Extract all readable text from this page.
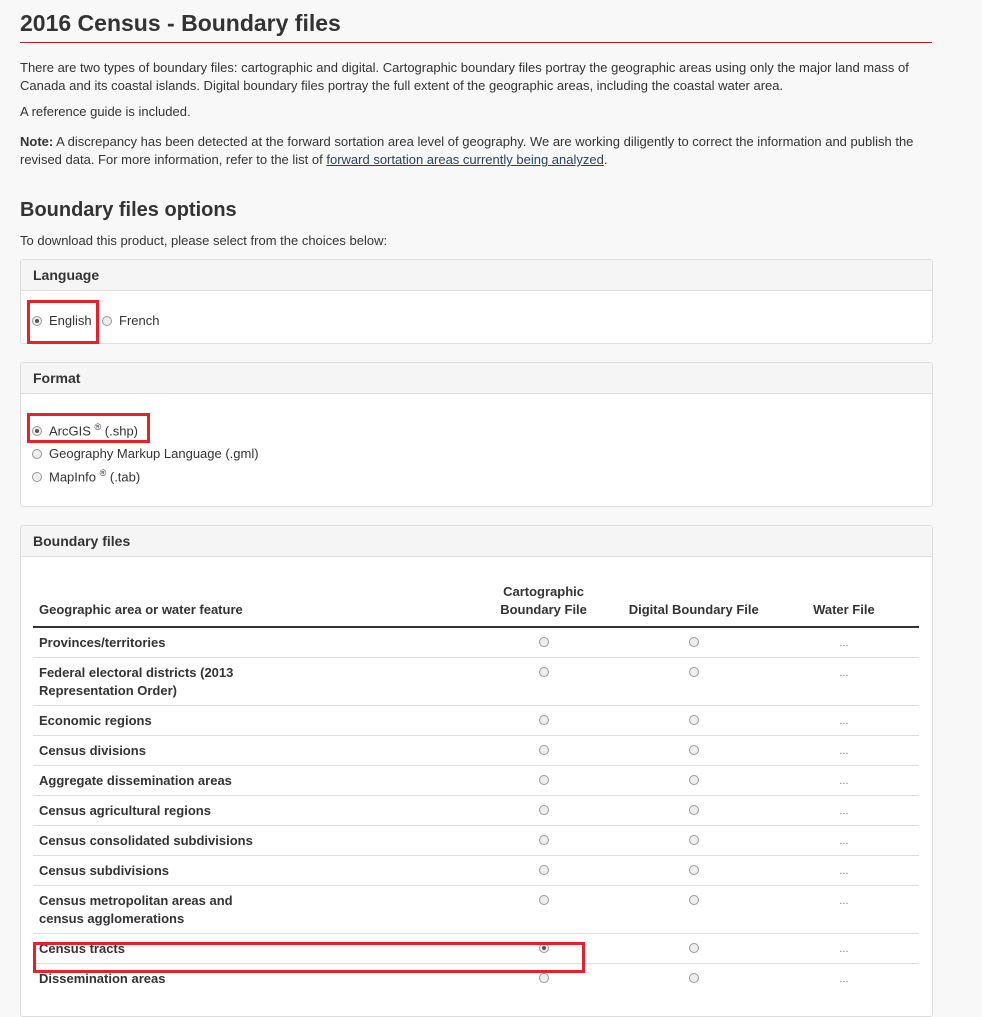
2016 Census - Boundary files

There are two types of boundary files: cartographic and digital. Cartographic boundary files portray the geographic areas using only the major land mass of Canada and its coastal islands. Digital boundary files portray the full extent of the geographic areas, including the coastal water area.

A reference guide is included.

Note: A discrepancy has been detected at the forward sortation area level of geography. We are working diligently to correct the information and publish the revised data. For more information, refer to the list of forward sortation areas currently being analyzed.

Boundary files options

To download this product, please select from the choices below:

Language
English	French
Format
ArcGIS ® (.shp)
Geography Markup Language (.gml)
MapInfo ® (.tab)
Boundary files
Geographic area or water feature	Cartographic Boundary File	Digital Boundary File	Water File
Provinces/territories			...
Federal electoral districts (2013 Representation Order)			...
Economic regions			...
Census divisions			...
Aggregate dissemination areas			...
Census agricultural regions			...
Census consolidated subdivisions			...
Census subdivisions			...
Census metropolitan areas and census agglomerations			...
Census tracts			...
Dissemination areas			...
